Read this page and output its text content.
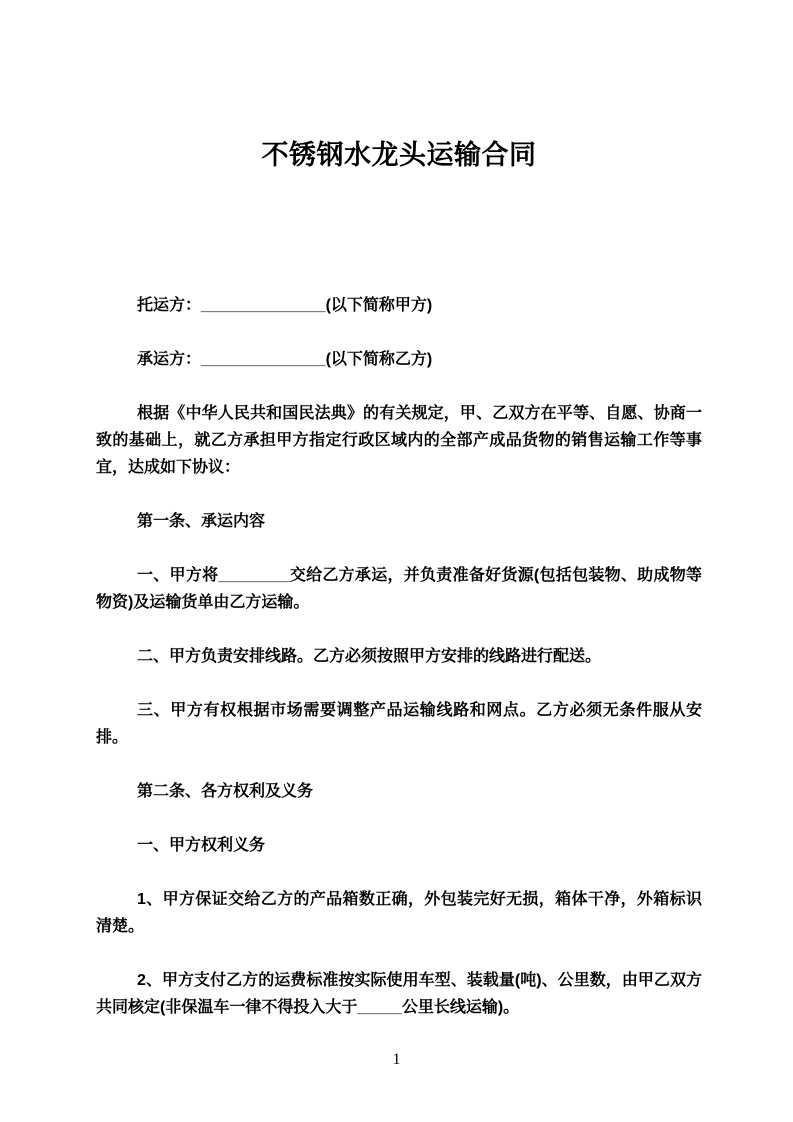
不锈钢水龙头运输合同

托运方：______________(以下简称甲方)

承运方：______________(以下简称乙方)

根据《中华人民共和国民法典》的有关规定，甲、乙双方在平等、自愿、协商一致的基础上，就乙方承担甲方指定行政区域内的全部产成品货物的销售运输工作等事宜，达成如下协议：

第一条、承运内容

一、甲方将________交给乙方承运，并负责准备好货源(包括包装物、助成物等物资)及运输货单由乙方运输。

二、甲方负责安排线路。乙方必须按照甲方安排的线路进行配送。

三、甲方有权根据市场需要调整产品运输线路和网点。乙方必须无条件服从安排。

第二条、各方权利及义务

一、甲方权利义务

1、甲方保证交给乙方的产品箱数正确，外包装完好无损，箱体干净，外箱标识清楚。

2、甲方支付乙方的运费标准按实际使用车型、装载量(吨)、公里数，由甲乙双方共同核定(非保温车一律不得投入大于_____公里长线运输)。

1
